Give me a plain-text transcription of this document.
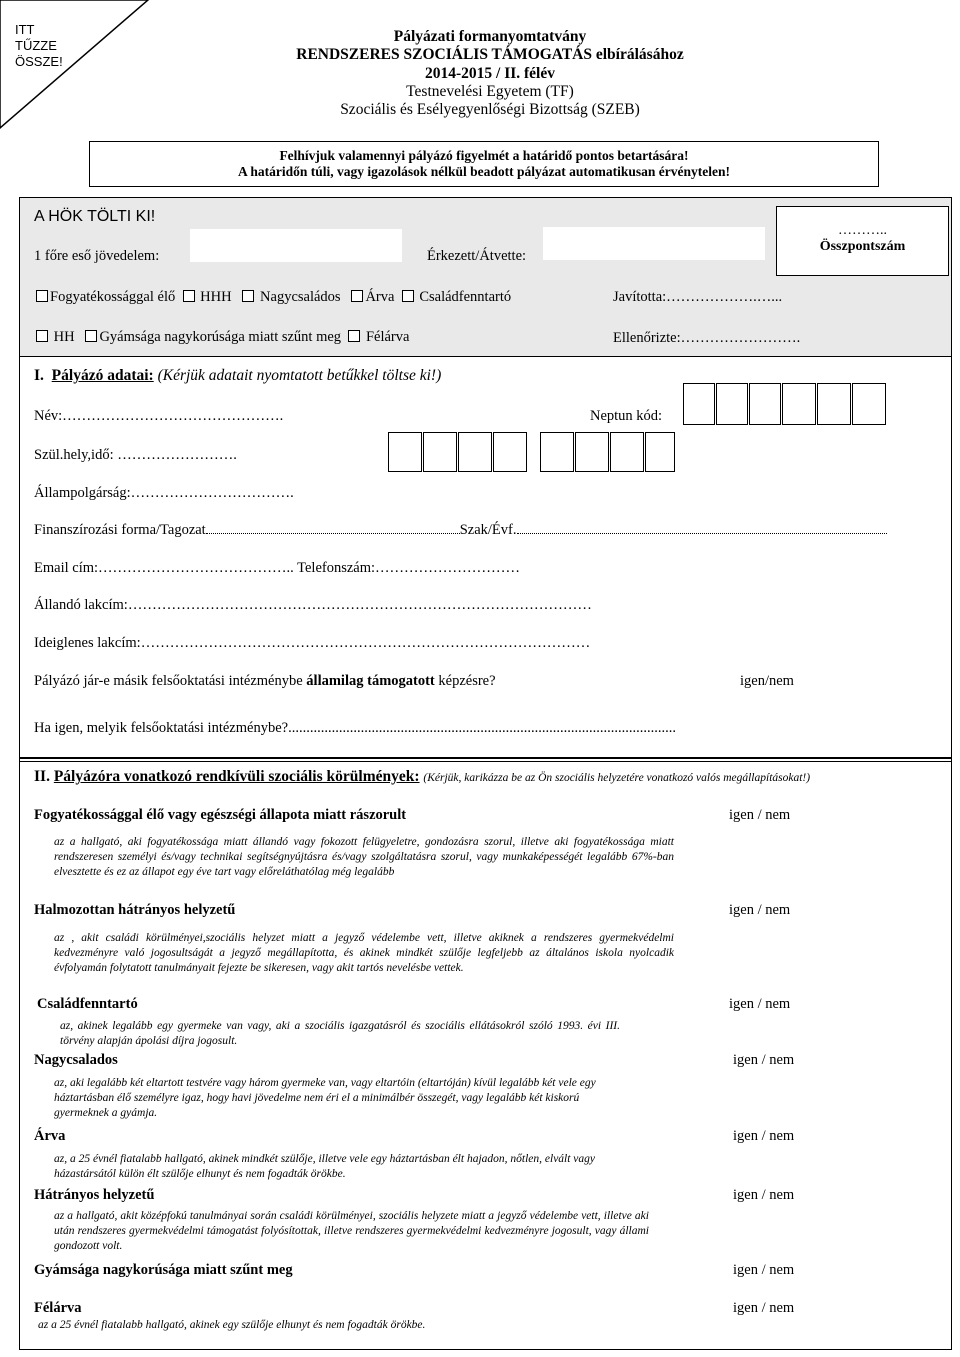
ITT
TŰZZE
ÖSSZE!
Pályázati formanyomtatvány
RENDSZERES SZOCIÁLIS TÁMOGATÁS elbírálásához
2014-2015 / II. félév
Testnevelési Egyetem (TF)
Szociális és Esélyegyenlőségi Bizottság (SZEB)
Felhívjuk valamennyi pályázó figyelmét a határidő pontos betartására!
A határidőn túli, vagy igazolások nélkül beadott pályázat automatikusan érvénytelen!
A HÖK TÖLTI KI!
1 főre eső jövedelem:	Érkezett/Átvette:
………..
Összpontszám
Fogyatékossággal élő HHH Nagycsaládos Árva Családfenntartó	Javította:……………….…...
HH Gyámsága nagykorúsága miatt szűnt meg Félárva	Ellenőrizte:…………………….
I. Pályázó adatai: (Kérjük adatait nyomtatott betűkkel töltse ki!)
Név:……………………………………….	Neptun kód:
Szül.hely,idő: …………………….
Állampolgárság:…………………………….
Finanszírozási forma/Tagozat	Szak/Évf.
Email cím:………………………………….. Telefonszám:…………………………
Állandó lakcím:……………………………………………………………………………………
Ideiglenes lakcím:…………………………………………………………………………………
Pályázó jár-e másik felsőoktatási intézménybe államilag támogatott képzésre?	igen/nem
Ha igen, melyik felsőoktatási intézménybe?...........................................................................................................
II. Pályázóra vonatkozó rendkívüli szociális körülmények: (Kérjük, karikázza be az Ön szociális helyzetére vonatkozó valós megállapításokat!)
Fogyatékossággal élő vagy egészségi állapota miatt rászorult	igen / nem
az a hallgató, aki fogyatékossága miatt állandó vagy fokozott felügyeletre, gondozásra szorul, illetve aki fogyatékossága miatt rendszeresen személyi és/vagy technikai segítségnyújtásra és/vagy szolgáltatásra szorul, vagy munkaképességét legalább 67%-ban elvesztette és ez az állapot egy éve tart vagy előreláthatólag még legalább
Halmozottan hátrányos helyzetű	igen / nem
az , akit családi körülményei,szociális helyzet miatt a jegyző védelembe vett, illetve akiknek a rendszeres gyermekvédelmi kedvezményre való jogosultságát a jegyző megállapította, és akinek mindkét szülője legfeljebb az általános iskola nyolcadik évfolyamán folytatott tanulmányait fejezte be sikeresen, vagy akit tartós nevelésbe vettek.
Családfenntartó	igen / nem
az, akinek legalább egy gyermeke van vagy, aki a szociális igazgatásról és szociális ellátásokról szóló 1993. évi III. törvény alapján ápolási díjra jogosult.
Nagycsalados	igen / nem
az, aki legalább két eltartott testvére vagy három gyermeke van, vagy eltartóin (eltartóján) kívül legalább két vele egy háztartásban élő személyre igaz, hogy havi jövedelme nem éri el a minimálbér összegét, vagy legalább két kiskorú gyermeknek a gyámja.
Árva	igen / nem
az, a 25 évnél fiatalabb hallgató, akinek mindkét szülője, illetve vele egy háztartásban élt hajadon, nőtlen, elvált vagy házastársától külön élt szülője elhunyt és nem fogadták örökbe.
Hátrányos helyzetű	igen / nem
az a hallgató, akit középfokú tanulmányai során családi körülményei, szociális helyzete miatt a jegyző védelembe vett, illetve aki után rendszeres gyermekvédelmi támogatást folyósítottak, illetve rendszeres gyermekvédelmi kedvezményre jogosult, vagy állami gondozott volt.
Gyámsága nagykorúsága miatt szűnt meg	igen / nem
Félárva	igen / nem
az a 25 évnél fiatalabb hallgató, akinek egy szülője elhunyt és nem fogadták örökbe.
